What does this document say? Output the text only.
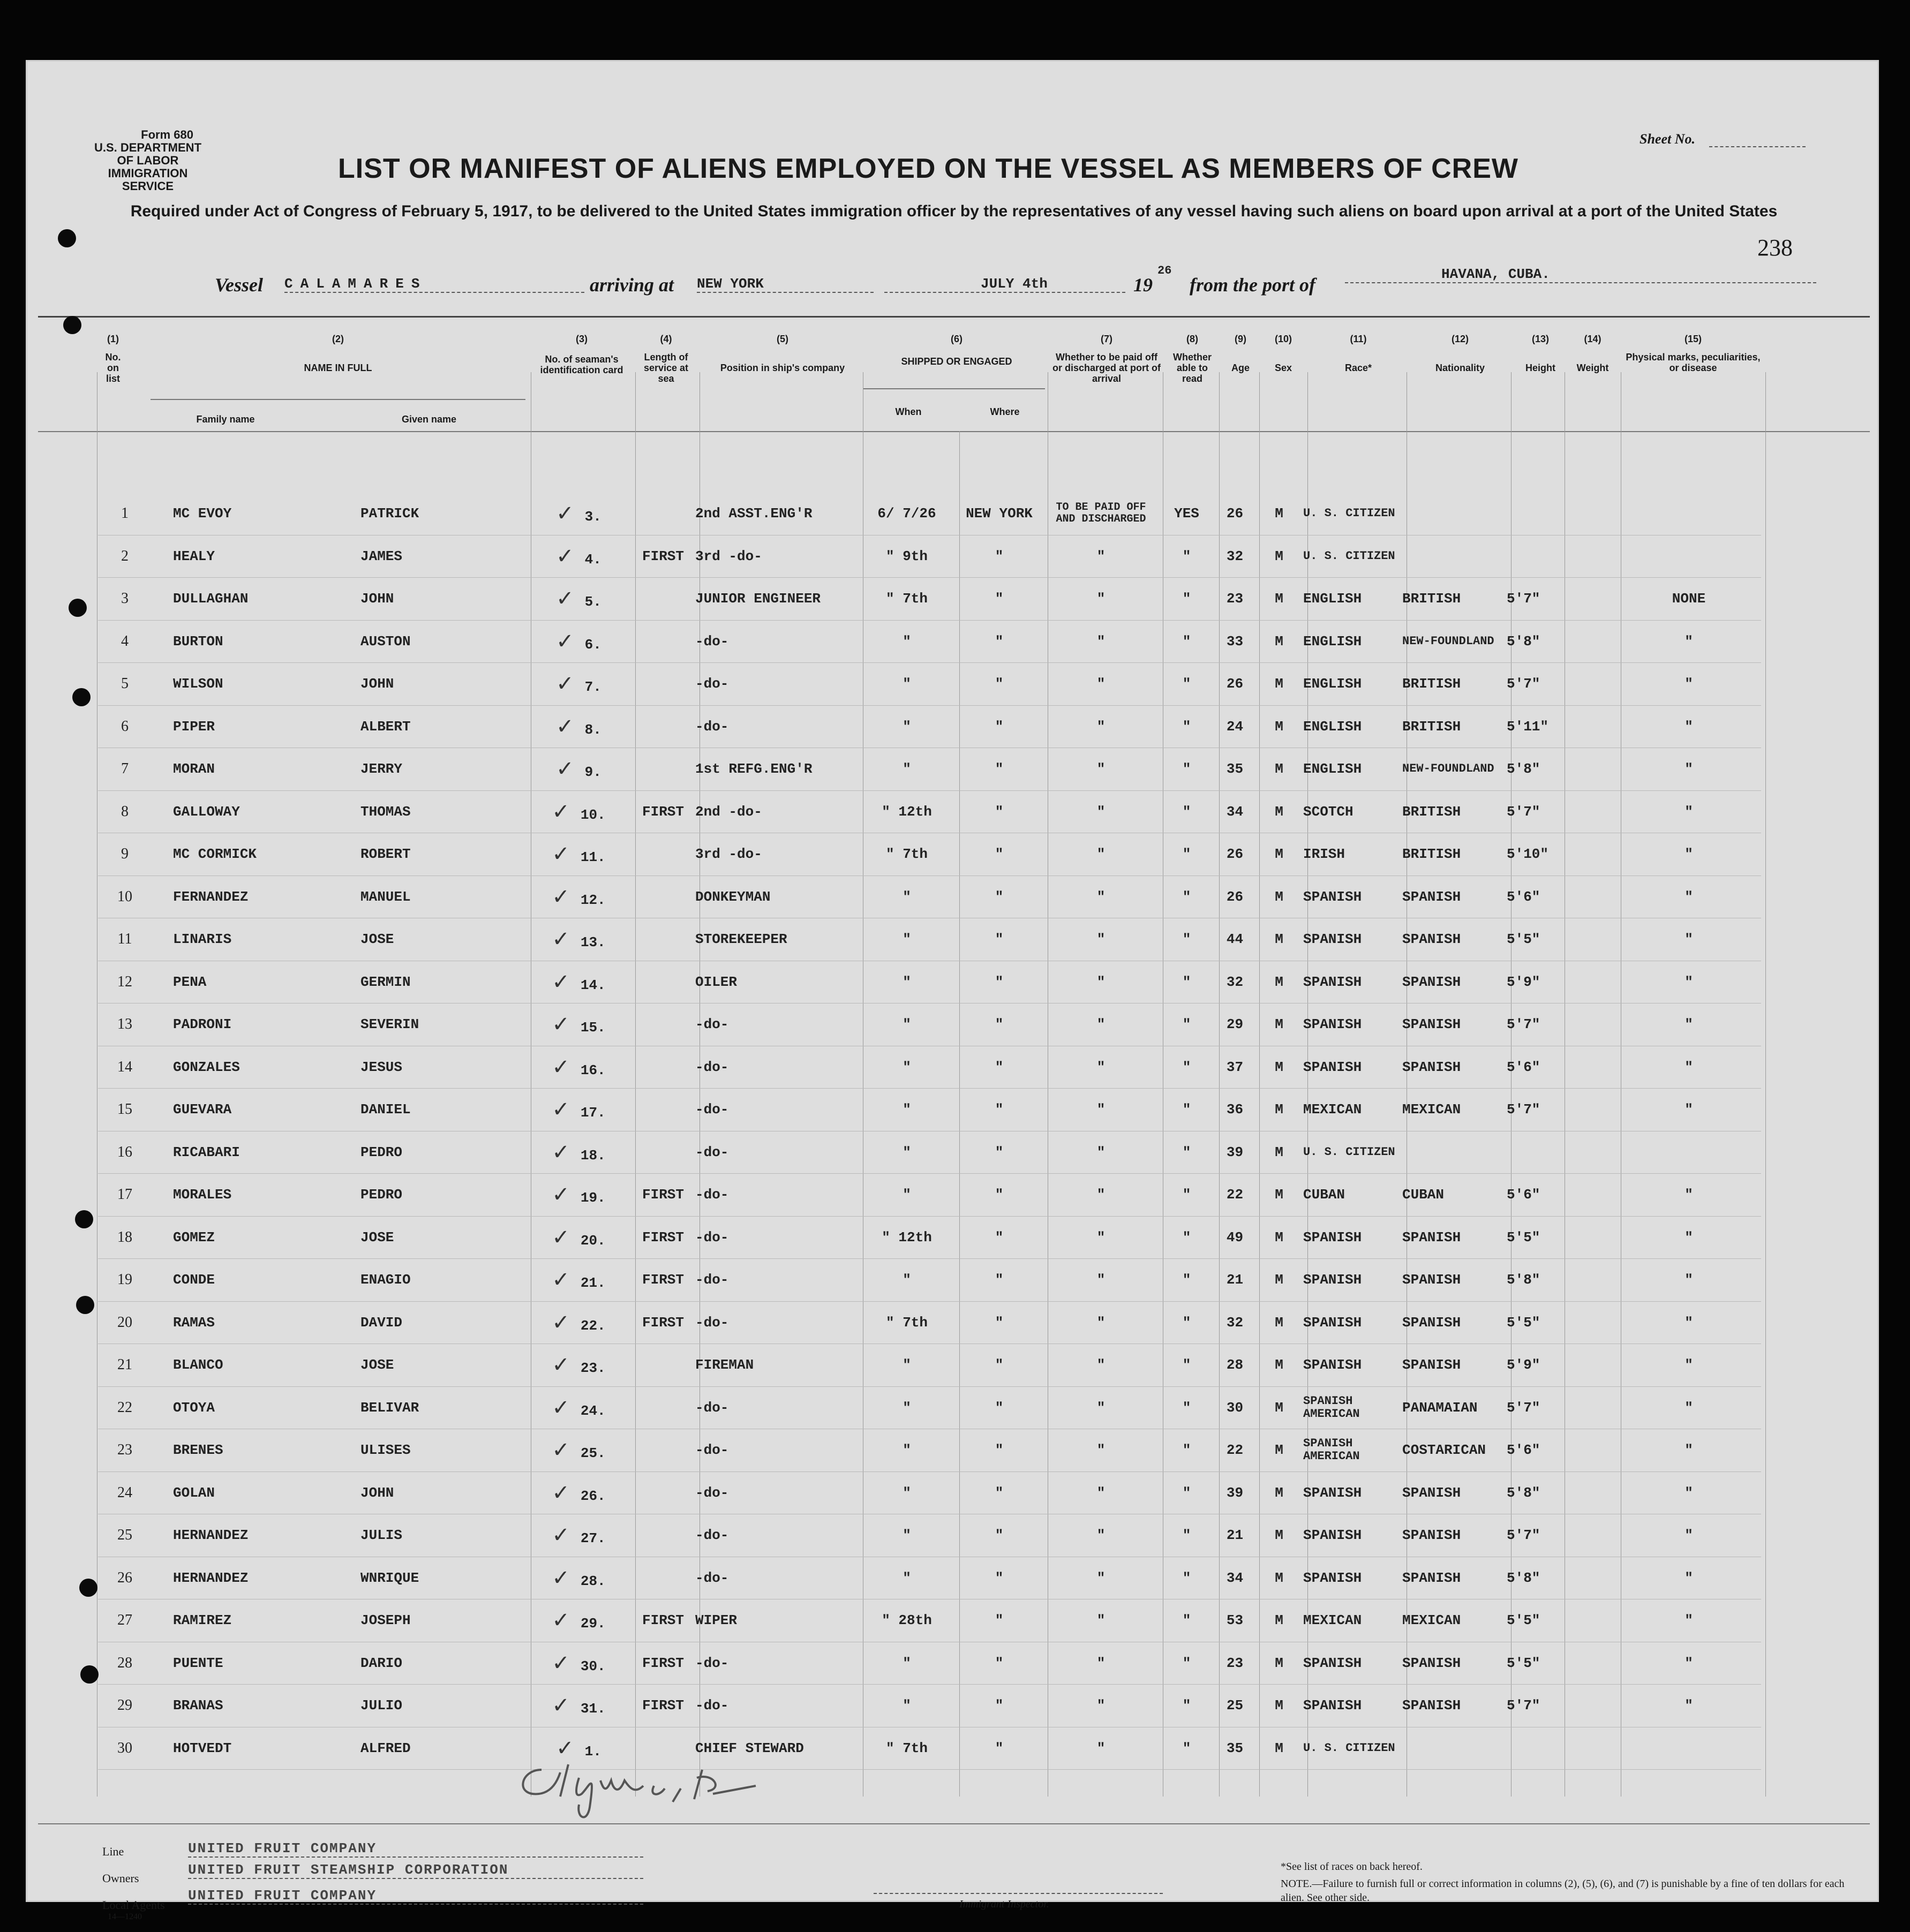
Form 680
U.S. DEPARTMENT OF LABOR
IMMIGRATION SERVICE
Sheet No.
LIST OR MANIFEST OF ALIENS EMPLOYED ON THE VESSEL AS MEMBERS OF CREW
Required under Act of Congress of February 5, 1917, to be delivered to the United States immigration officer by the representatives of any vessel having such aliens on board upon arrival at a port of the United States
238
Vessel CALAMARES	arriving at NEW YORK	JULY 4th	19
26
from the port of	HAVANA, CUBA.
(1)
No. on list
(2)
NAME IN FULL
Family name	Given name
(3)
No. of seaman's identification card
(4)
Length of service at sea
(5)
Position in ship's company
(6)
SHIPPED OR ENGAGED
When	Where
(7)
Whether to be paid off or discharged at port of arrival
(8)
Whether able to read
(9)
Age
(10)
Sex
(11)
Race*
(12)
Nationality
(13)
Height
(14)
Weight
(15)
Physical marks, peculiarities, or disease
1	MC EVOY	PATRICK	✓ 3.		2nd ASST.ENG'R	6/ 7/26	NEW YORK	TO BE PAID OFF AND DISCHARGED	YES	26	M	U. S. CITIZEN				
2	HEALY	JAMES	✓ 4.	FIRST	3rd -do-	" 9th	"	"	"	32	M	U. S. CITIZEN				
3	DULLAGHAN	JOHN	✓ 5.		JUNIOR ENGINEER	" 7th	"	"	"	23	M	ENGLISH	BRITISH	5'7"		NONE
4	BURTON	AUSTON	✓ 6.		-do-	"	"	"	"	33	M	ENGLISH	NEW-FOUNDLAND	5'8"		"
5	WILSON	JOHN	✓ 7.		-do-	"	"	"	"	26	M	ENGLISH	BRITISH	5'7"		"
6	PIPER	ALBERT	✓ 8.		-do-	"	"	"	"	24	M	ENGLISH	BRITISH	5'11"		"
7	MORAN	JERRY	✓ 9.		1st REFG.ENG'R	"	"	"	"	35	M	ENGLISH	NEW-FOUNDLAND	5'8"		"
8	GALLOWAY	THOMAS	✓ 10.	FIRST	2nd -do-	" 12th	"	"	"	34	M	SCOTCH	BRITISH	5'7"		"
9	MC CORMICK	ROBERT	✓ 11.		3rd -do-	" 7th	"	"	"	26	M	IRISH	BRITISH	5'10"		"
10	FERNANDEZ	MANUEL	✓ 12.		DONKEYMAN	"	"	"	"	26	M	SPANISH	SPANISH	5'6"		"
11	LINARIS	JOSE	✓ 13.		STOREKEEPER	"	"	"	"	44	M	SPANISH	SPANISH	5'5"		"
12	PENA	GERMIN	✓ 14.		OILER	"	"	"	"	32	M	SPANISH	SPANISH	5'9"		"
13	PADRONI	SEVERIN	✓ 15.		-do-	"	"	"	"	29	M	SPANISH	SPANISH	5'7"		"
14	GONZALES	JESUS	✓ 16.		-do-	"	"	"	"	37	M	SPANISH	SPANISH	5'6"		"
15	GUEVARA	DANIEL	✓ 17.		-do-	"	"	"	"	36	M	MEXICAN	MEXICAN	5'7"		"
16	RICABARI	PEDRO	✓ 18.		-do-	"	"	"	"	39	M	U. S. CITIZEN				
17	MORALES	PEDRO	✓ 19.	FIRST	-do-	"	"	"	"	22	M	CUBAN	CUBAN	5'6"		"
18	GOMEZ	JOSE	✓ 20.	FIRST	-do-	" 12th	"	"	"	49	M	SPANISH	SPANISH	5'5"		"
19	CONDE	ENAGIO	✓ 21.	FIRST	-do-	"	"	"	"	21	M	SPANISH	SPANISH	5'8"		"
20	RAMAS	DAVID	✓ 22.	FIRST	-do-	" 7th	"	"	"	32	M	SPANISH	SPANISH	5'5"		"
21	BLANCO	JOSE	✓ 23.		FIREMAN	"	"	"	"	28	M	SPANISH	SPANISH	5'9"		"
22	OTOYA	BELIVAR	✓ 24.		-do-	"	"	"	"	30	M	SPANISH AMERICAN	PANAMAIAN	5'7"		"
23	BRENES	ULISES	✓ 25.		-do-	"	"	"	"	22	M	SPANISH AMERICAN	COSTARICAN	5'6"		"
24	GOLAN	JOHN	✓ 26.		-do-	"	"	"	"	39	M	SPANISH	SPANISH	5'8"		"
25	HERNANDEZ	JULIS	✓ 27.		-do-	"	"	"	"	21	M	SPANISH	SPANISH	5'7"		"
26	HERNANDEZ	WNRIQUE	✓ 28.		-do-	"	"	"	"	34	M	SPANISH	SPANISH	5'8"		"
27	RAMIREZ	JOSEPH	✓ 29.	FIRST	WIPER	" 28th	"	"	"	53	M	MEXICAN	MEXICAN	5'5"		"
28	PUENTE	DARIO	✓ 30.	FIRST	-do-	"	"	"	"	23	M	SPANISH	SPANISH	5'5"		"
29	BRANAS	JULIO	✓ 31.	FIRST	-do-	"	"	"	"	25	M	SPANISH	SPANISH	5'7"		"
30	HOTVEDT	ALFRED	✓ 1.		CHIEF STEWARD	" 7th	"	"	"	35	M	U. S. CITIZEN				
Line	UNITED FRUIT COMPANY
Owners
UNITED FRUIT STEAMSHIP CORPORATION
Local Agents
UNITED FRUIT COMPANY
14—1240
Immigrant Inspector.
*See list of races on back hereof.
NOTE.—Failure to furnish full or correct information in columns (2), (5), (6), and (7) is punishable by a fine of ten dollars for each alien. See other side.
